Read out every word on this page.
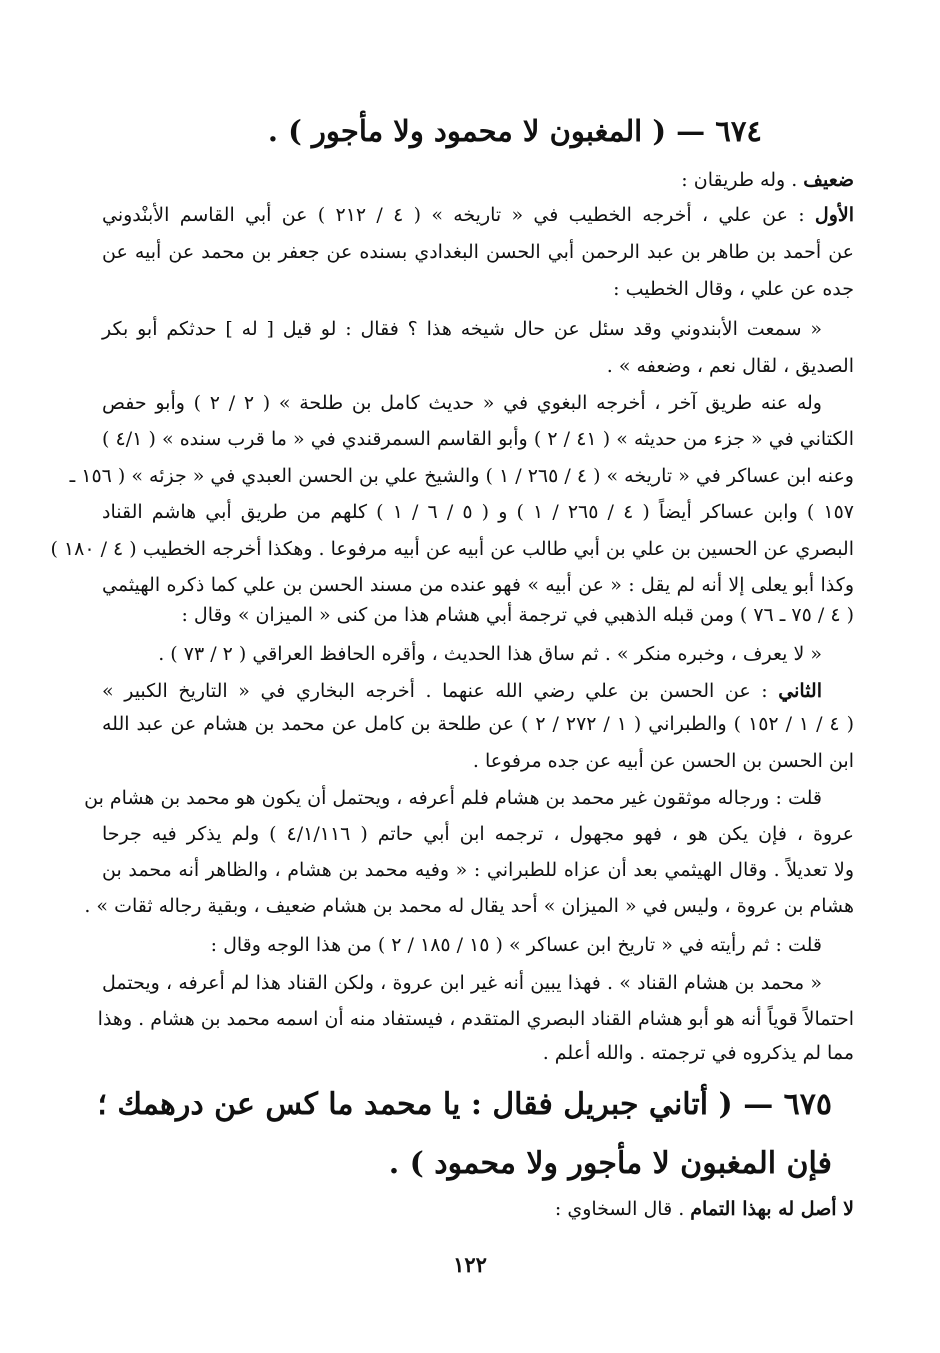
٦٧٤ — ( المغبون لا محمود ولا مأجور ) .
ضعيف . وله طريقان :
الأول : عن علي ، أخرجه الخطيب في « تاريخه » ( ٤ / ٢١٢ ) عن أبي القاسم الأبنْدوني
عن أحمد بن طاهر بن عبد الرحمن أبي الحسن البغدادي بسنده عن جعفر بن محمد عن أبيه عن
جده عن علي ، وقال الخطيب :
« سمعت الأبندوني وقد سئل عن حال شيخه هذا ؟ فقال : لو قيل [ له ] حدثكم أبو بكر
الصديق ، لقال نعم ، وضعفه » .
وله عنه طريق آخر ، أخرجه البغوي في « حديث كامل بن طلحة » ( ٢ / ٢ ) وأبو حفص
الكتاني في « جزء من حديثه » ( ٤١ / ٢ ) وأبو القاسم السمرقندي في « ما قرب سنده » ( ٤/١ )
وعنه ابن عساكر في « تاريخه » ( ٤ / ٢٦٥ / ١ ) والشيخ علي بن الحسن العبدي في « جزئه » ( ١٥٦ ـ
١٥٧ ) وابن عساكر أيضاً ( ٤ / ٢٦٥ / ١ ) و ( ٥ / ٦ / ١ ) كلهم من طريق أبي هاشم القناد
البصري عن الحسين بن علي بن أبي طالب عن أبيه عن أبيه مرفوعا . وهكذا أخرجه الخطيب ( ٤ / ١٨٠ )
وكذا أبو يعلى إلا أنه لم يقل : « عن أبيه » فهو عنده من مسند الحسن بن علي كما ذكره الهيثمي
( ٤ / ٧٥ ـ ٧٦ ) ومن قبله الذهبي في ترجمة أبي هشام هذا من كنى « الميزان » وقال :
« لا يعرف ، وخبره منكر » . ثم ساق هذا الحديث ، وأقره الحافظ العراقي ( ٢ / ٧٣ ) .
الثاني : عن الحسن بن علي رضي الله عنهما . أخرجه البخاري في « التاريخ الكبير »
( ٤ / ١ / ١٥٢ ) والطبراني ( ١ / ٢٧٢ / ٢ ) عن طلحة بن كامل عن محمد بن هشام عن عبد الله
ابن الحسن بن الحسن عن أبيه عن جده مرفوعا .
قلت : ورجاله موثقون غير محمد بن هشام فلم أعرفه ، ويحتمل أن يكون هو محمد بن هشام بن
عروة ، فإن يكن هو ، فهو مجهول ، ترجمه ابن أبي حاتم ( ٤/١/١١٦ ) ولم يذكر فيه جرحا
ولا تعديلاً . وقال الهيثمي بعد أن عزاه للطبراني : « وفيه محمد بن هشام ، والظاهر أنه محمد بن
هشام بن عروة ، وليس في « الميزان » أحد يقال له محمد بن هشام ضعيف ، وبقية رجاله ثقات » .
قلت : ثم رأيته في « تاريخ ابن عساكر » ( ١٥ / ١٨٥ / ٢ ) من هذا الوجه وقال :
« محمد بن هشام القناد » . فهذا يبين أنه غير ابن عروة ، ولكن القناد هذا لم أعرفه ، ويحتمل
احتمالاً قوياً أنه هو أبو هشام القناد البصري المتقدم ، فيستفاد منه أن اسمه محمد بن هشام . وهذا
مما لم يذكروه في ترجمته . والله أعلم .
٦٧٥ — ( أتاني جبريل فقال : يا محمد ما كس عن درهمك ؛
فإن المغبون لا مأجور ولا محمود ) .
لا أصل له بهذا التمام . قال السخاوي :
١٢٢
